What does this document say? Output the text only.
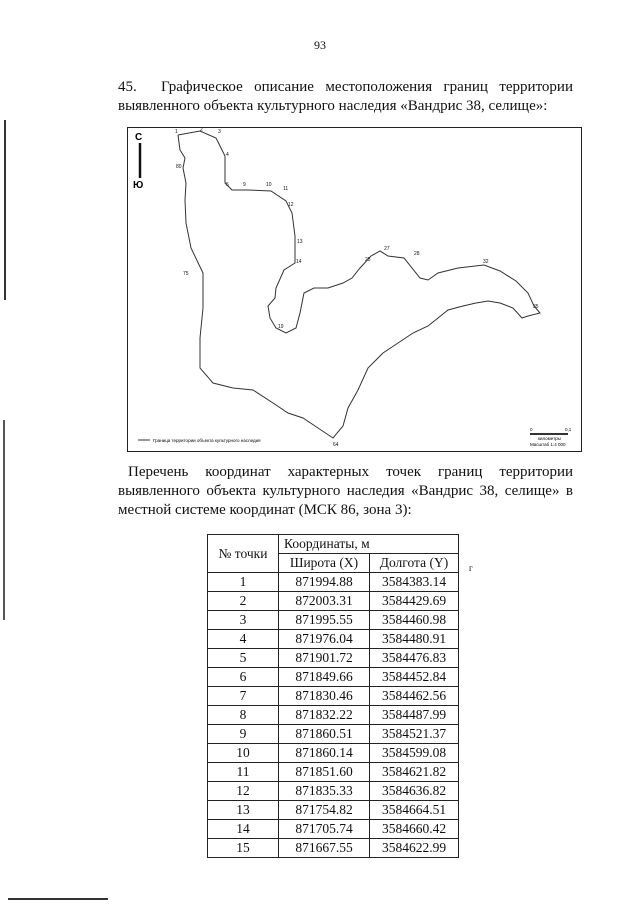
93
45. Графическое описание местоположения границ территории выявленного объекта культурного наследия «Вандрис 38, селище»:
С
Ю
1	2	3
4
5	9	10
11
12
13
14
19
25
27
28
32
35
64
75
80
Граница территории объекта культурного наследия
0	0,1
километры
Масштаб 1:4 000
Перечень координат характерных точек границ территории выявленного объекта культурного наследия «Вандрис 38, селище» в местной системе координат (МСК 86, зона 3):
№ точки	Координаты, м	
	Широта (X)	Долгота (Y)
1	871994.88	3584383.14
2	872003.31	3584429.69
3	871995.55	3584460.98
4	871976.04	3584480.91
5	871901.72	3584476.83
6	871849.66	3584452.84
7	871830.46	3584462.56
8	871832.22	3584487.99
9	871860.51	3584521.37
10	871860.14	3584599.08
11	871851.60	3584621.82
12	871835.33	3584636.82
13	871754.82	3584664.51
14	871705.74	3584660.42
15	871667.55	3584622.99
г
